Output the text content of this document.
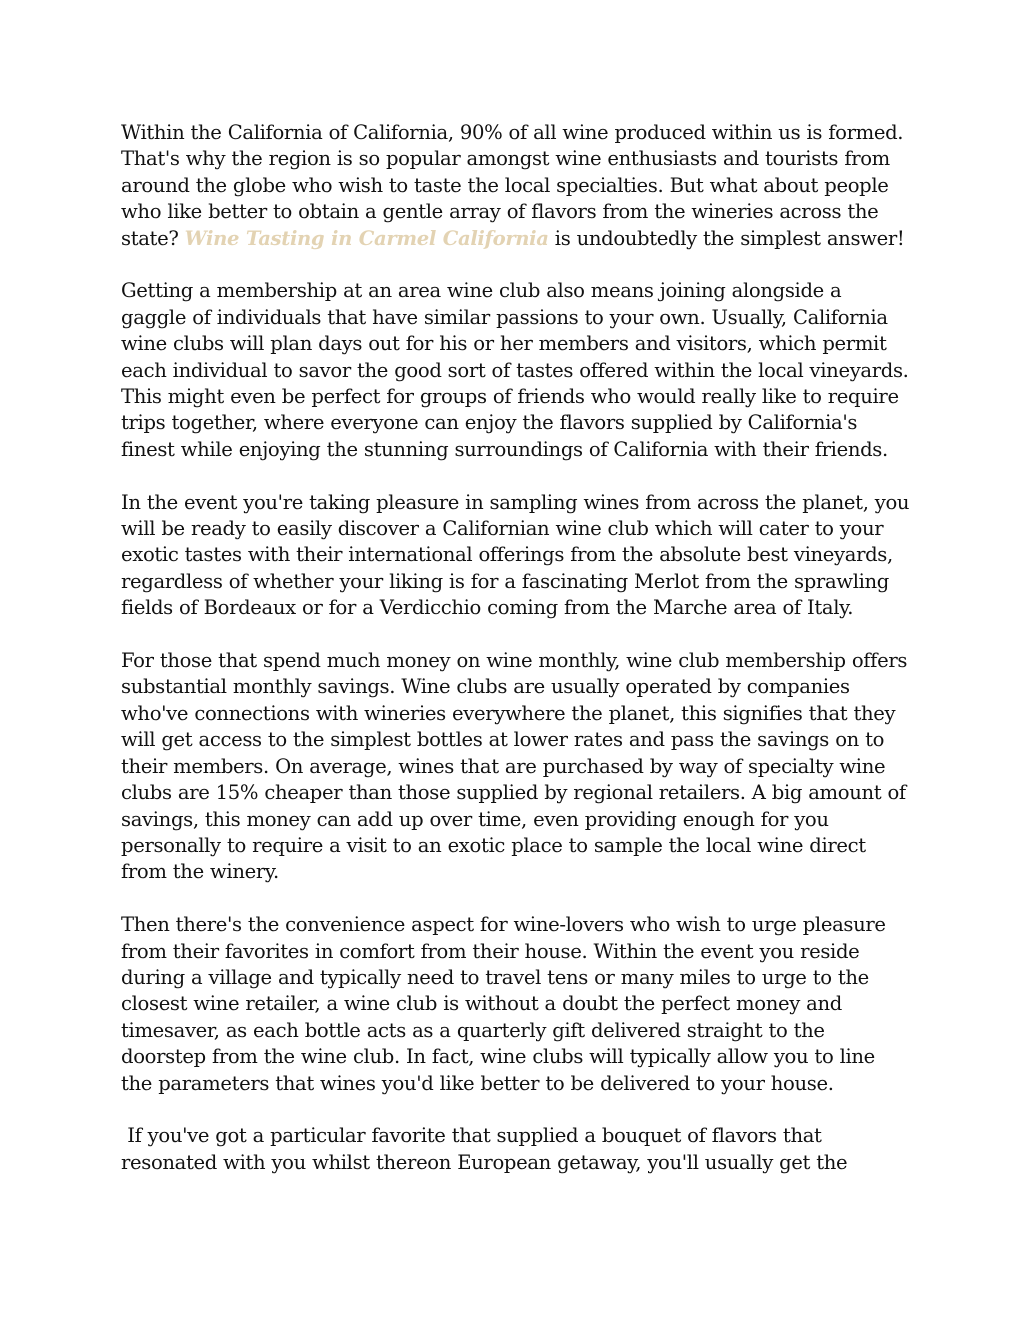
Within the California of California, 90% of all wine produced within us is formed. That's why the region is so popular amongst wine enthusiasts and tourists from around the globe who wish to taste the local specialties. But what about people who like better to obtain a gentle array of flavors from the wineries across the state? Wine Tasting in Carmel California is undoubtedly the simplest answer!

Getting a membership at an area wine club also means joining alongside a gaggle of individuals that have similar passions to your own. Usually, California wine clubs will plan days out for his or her members and visitors, which permit each individual to savor the good sort of tastes offered within the local vineyards. This might even be perfect for groups of friends who would really like to require trips together, where everyone can enjoy the flavors supplied by California's finest while enjoying the stunning surroundings of California with their friends.

In the event you're taking pleasure in sampling wines from across the planet, you will be ready to easily discover a Californian wine club which will cater to your exotic tastes with their international offerings from the absolute best vineyards, regardless of whether your liking is for a fascinating Merlot from the sprawling fields of Bordeaux or for a Verdicchio coming from the Marche area of Italy.

For those that spend much money on wine monthly, wine club membership offers substantial monthly savings. Wine clubs are usually operated by companies who've connections with wineries everywhere the planet, this signifies that they will get access to the simplest bottles at lower rates and pass the savings on to their members. On average, wines that are purchased by way of specialty wine clubs are 15% cheaper than those supplied by regional retailers. A big amount of savings, this money can add up over time, even providing enough for you personally to require a visit to an exotic place to sample the local wine direct from the winery.

Then there's the convenience aspect for wine-lovers who wish to urge pleasure from their favorites in comfort from their house. Within the event you reside during a village and typically need to travel tens or many miles to urge to the closest wine retailer, a wine club is without a doubt the perfect money and timesaver, as each bottle acts as a quarterly gift delivered straight to the doorstep from the wine club. In fact, wine clubs will typically allow you to line the parameters that wines you'd like better to be delivered to your house.

If you've got a particular favorite that supplied a bouquet of flavors that resonated with you whilst thereon European getaway, you'll usually get the
